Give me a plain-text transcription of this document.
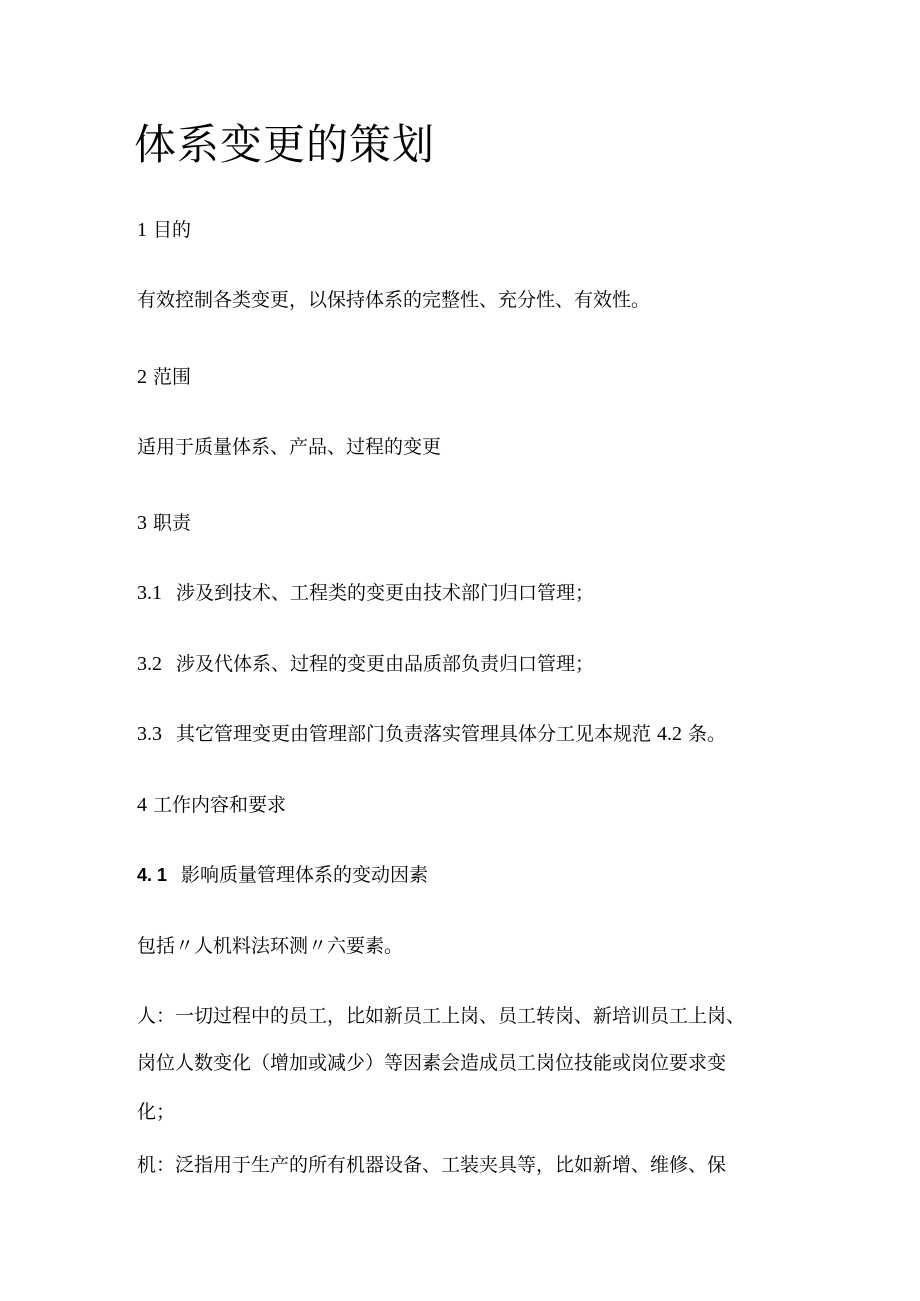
体系变更的策划

1 目的

有效控制各类变更，以保持体系的完整性、充分性、有效性。

2 范围

适用于质量体系、产品、过程的变更

3 职责

3.1 涉及到技术、工程类的变更由技术部门归口管理；

3.2 涉及代体系、过程的变更由品质部负责归口管理；

3.3 其它管理变更由管理部门负责落实管理具体分工见本规范 4.2 条。

4 工作内容和要求

4. 1 影响质量管理体系的变动因素

包括〃人机料法环测〃六要素。

人：一切过程中的员工，比如新员工上岗、员工转岗、新培训员工上岗、

岗位人数变化（增加或减少）等因素会造成员工岗位技能或岗位要求变

化；

机：泛指用于生产的所有机器设备、工装夹具等，比如新增、维修、保
